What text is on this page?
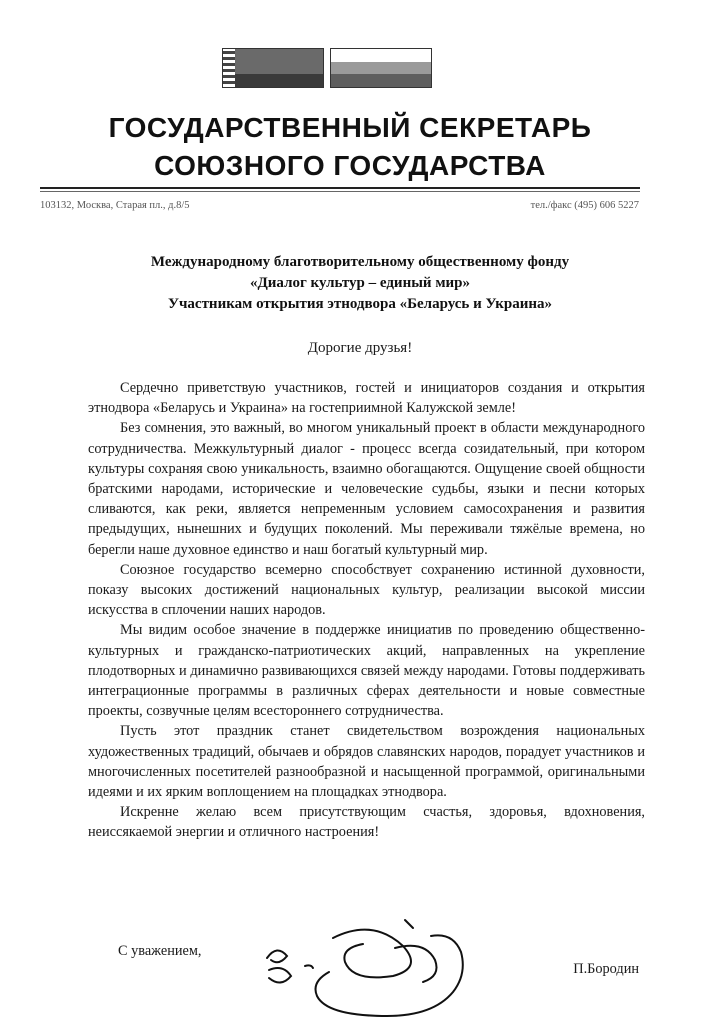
ГОСУДАРСТВЕННЫЙ СЕКРЕТАРЬ
СОЮЗНОГО ГОСУДАРСТВА
103132, Москва, Старая пл., д.8/5	тел./факс (495) 606 5227
Международному благотворительному общественному фонду
«Диалог культур – единый мир»
Участникам открытия этнодвора «Беларусь и Украина»
Дорогие друзья!

Сердечно приветствую участников, гостей и инициаторов создания и открытия этнодвора «Беларусь и Украина» на гостеприимной Калужской земле!

Без сомнения, это важный, во многом уникальный проект в области международного сотрудничества. Межкультурный диалог - процесс всегда созидательный, при котором культуры сохраняя свою уникальность, взаимно обогащаются. Ощущение своей общности братскими народами, исторические и человеческие судьбы, языки и песни которых сливаются, как реки, является непременным условием самосохранения и развития предыдущих, нынешних и будущих поколений. Мы переживали тяжёлые времена, но берегли наше духовное единство и наш богатый культурный мир.

Союзное государство всемерно способствует сохранению истинной духовности, показу высоких достижений национальных культур, реализации высокой миссии искусства в сплочении наших народов.

Мы видим особое значение в поддержке инициатив по проведению общественно-культурных и гражданско-патриотических акций, направленных на укрепление плодотворных и динамично развивающихся связей между народами. Готовы поддерживать интеграционные программы в различных сферах деятельности и новые совместные проекты, созвучные целям всестороннего сотрудничества.

Пусть этот праздник станет свидетельством возрождения национальных художественных традиций, обычаев и обрядов славянских народов, порадует участников и многочисленных посетителей разнообразной и насыщенной программой, оригинальными идеями и их ярким воплощением на площадках этнодвора.

Искренне желаю всем присутствующим счастья, здоровья, вдохновения, неиссякаемой энергии и отличного настроения!

С уважением,
П.Бородин
